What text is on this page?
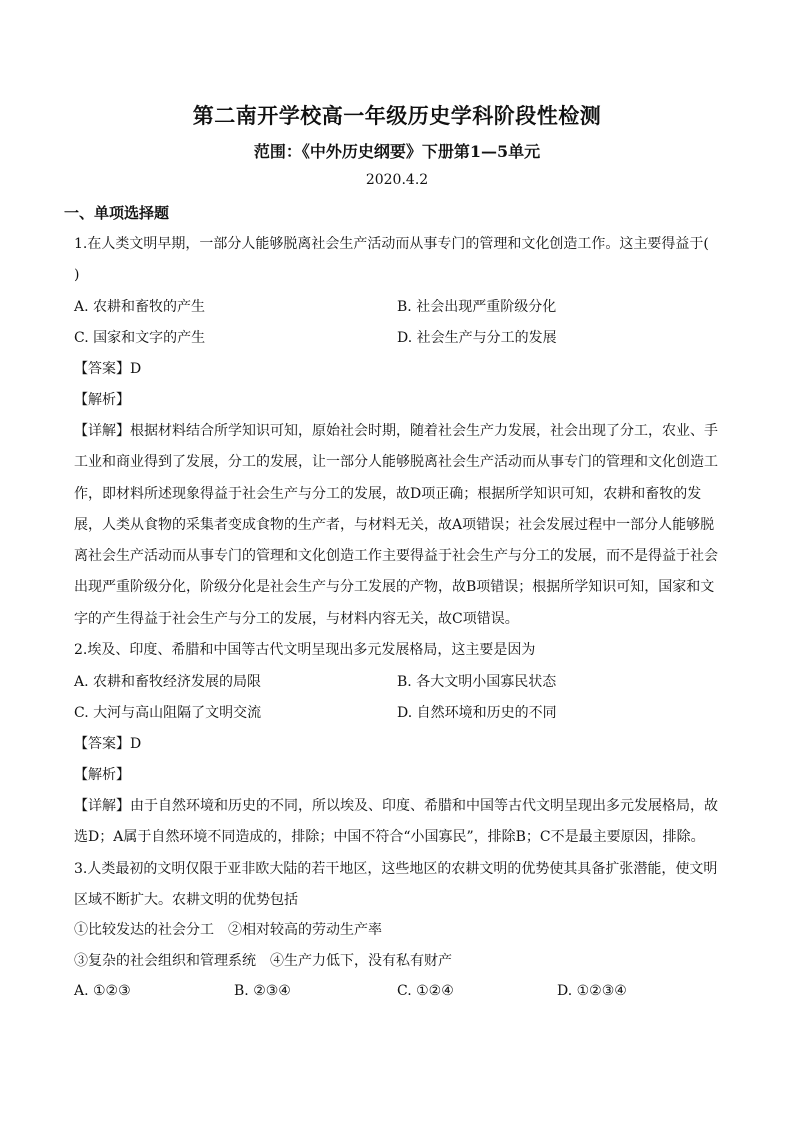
第二南开学校高一年级历史学科阶段性检测
范围：《中外历史纲要》下册第1—5单元
2020.4.2
一、单项选择题
1.在人类文明早期，一部分人能够脱离社会生产活动而从事专门的管理和文化创造工作。这主要得益于(
)
A. 农耕和畜牧的产生	B. 社会出现严重阶级分化
C. 国家和文字的产生	D. 社会生产与分工的发展
【答案】D
【解析】
【详解】根据材料结合所学知识可知，原始社会时期，随着社会生产力发展，社会出现了分工，农业、手工业和商业得到了发展，分工的发展，让一部分人能够脱离社会生产活动而从事专门的管理和文化创造工作，即材料所述现象得益于社会生产与分工的发展，故D项正确；根据所学知识可知，农耕和畜牧的发展，人类从食物的采集者变成食物的生产者，与材料无关，故A项错误；社会发展过程中一部分人能够脱离社会生产活动而从事专门的管理和文化创造工作主要得益于社会生产与分工的发展，而不是得益于社会出现严重阶级分化，阶级分化是社会生产与分工发展的产物，故B项错误；根据所学知识可知，国家和文字的产生得益于社会生产与分工的发展，与材料内容无关，故C项错误。
2.埃及、印度、希腊和中国等古代文明呈现出多元发展格局，这主要是因为
A. 农耕和畜牧经济发展的局限	B. 各大文明小国寡民状态
C. 大河与高山阻隔了文明交流	D. 自然环境和历史的不同
【答案】D
【解析】
【详解】由于自然环境和历史的不同，所以埃及、印度、希腊和中国等古代文明呈现出多元发展格局，故选D；A属于自然环境不同造成的，排除；中国不符合“小国寡民”，排除B；C不是最主要原因，排除。
3.人类最初的文明仅限于亚非欧大陆的若干地区，这些地区的农耕文明的优势使其具备扩张潜能，使文明区域不断扩大。农耕文明的优势包括
①比较发达的社会分工　②相对较高的劳动生产率
③复杂的社会组织和管理系统　④生产力低下，没有私有财产
A. ①②③	B. ②③④	C. ①②④	D. ①②③④
